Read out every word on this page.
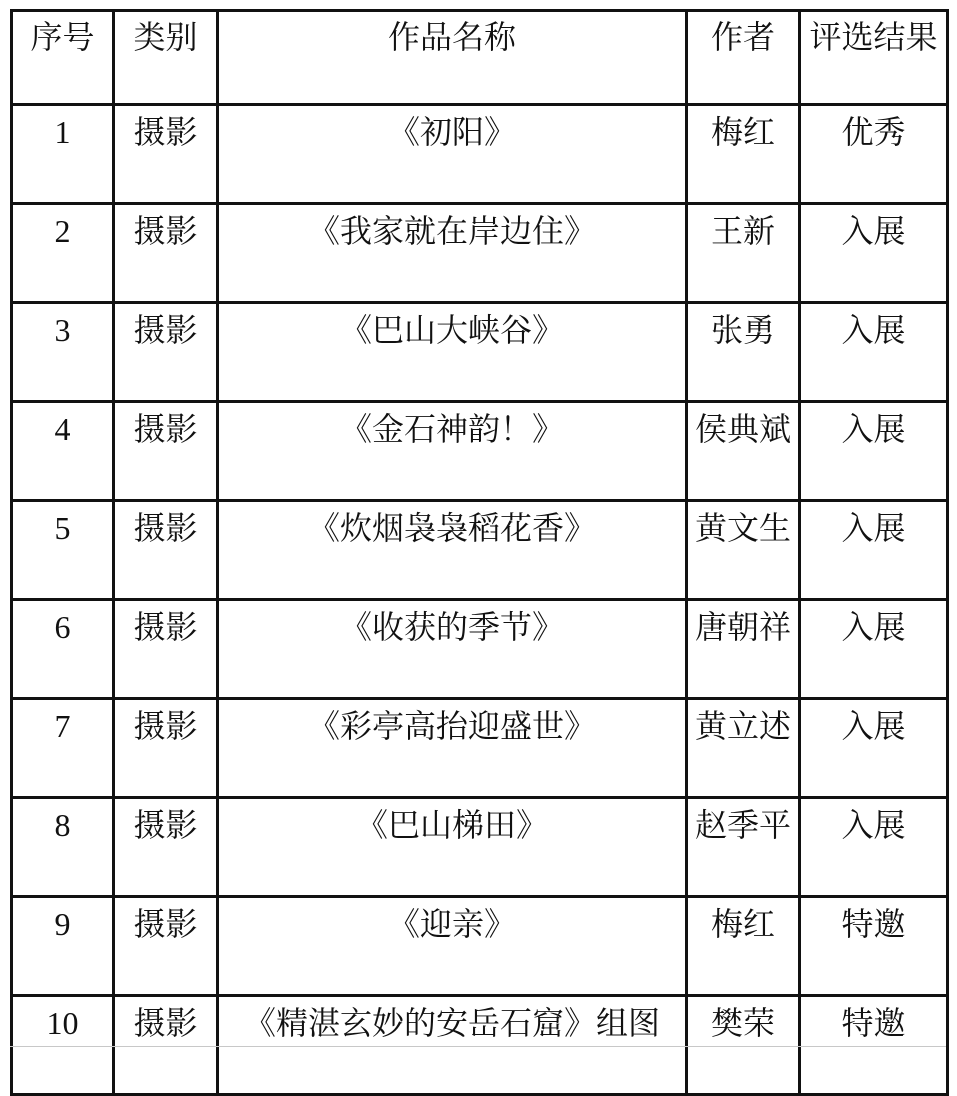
序号	类别	作品名称	作者	评选结果
1	摄影	《初阳》	梅红	优秀
2	摄影	《我家就在岸边住》	王新	入展
3	摄影	《巴山大峡谷》	张勇	入展
4	摄影	《金石神韵！》	侯典斌	入展
5	摄影	《炊烟袅袅稻花香》	黄文生	入展
6	摄影	《收获的季节》	唐朝祥	入展
7	摄影	《彩亭高抬迎盛世》	黄立述	入展
8	摄影	《巴山梯田》	赵季平	入展
9	摄影	《迎亲》	梅红	特邀
10	摄影	《精湛玄妙的安岳石窟》组图	樊荣	特邀
